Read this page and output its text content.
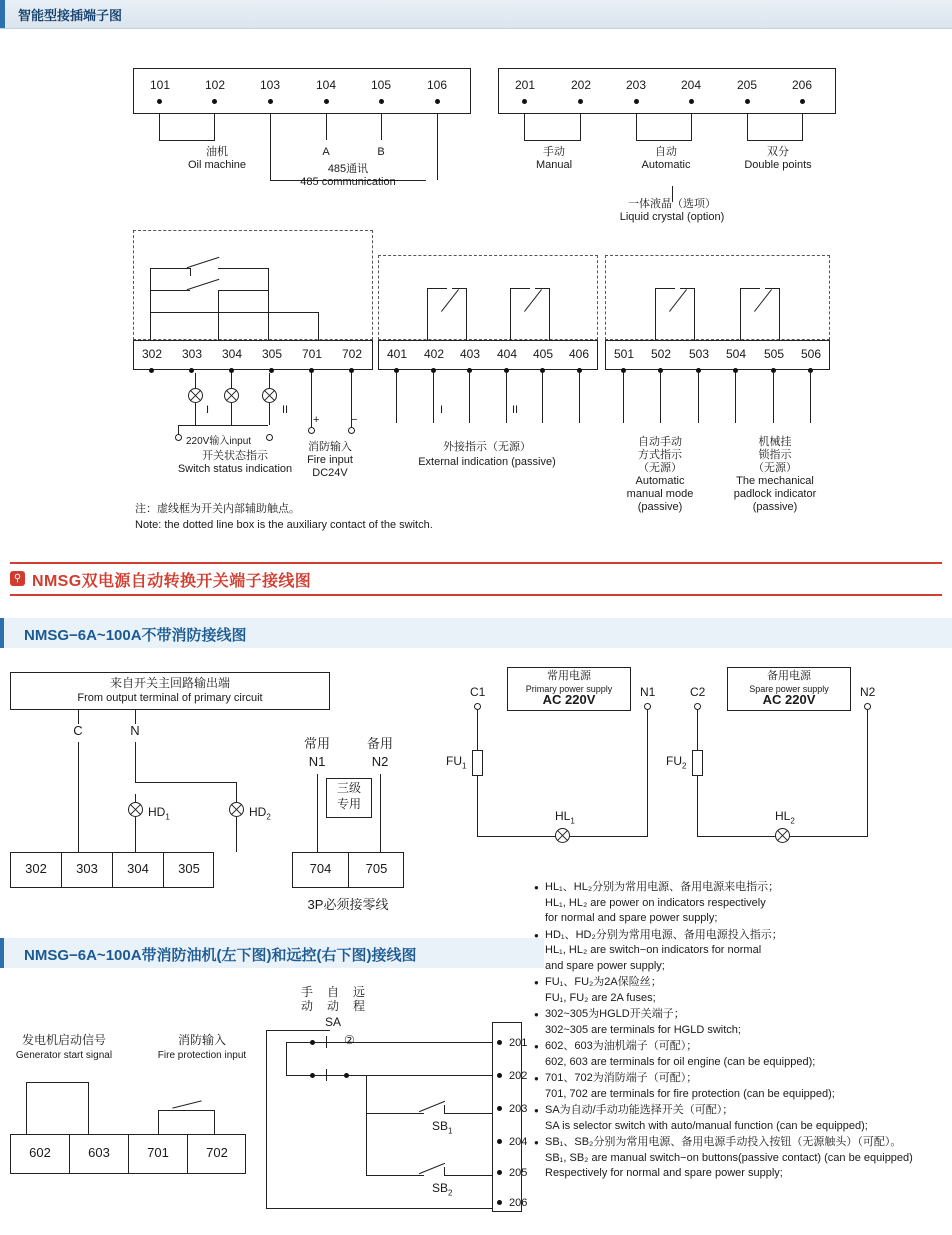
智能型接插端子图
101	102	103	104	105	106	201	202	203	204	205	206
油机
Oil machine
A	B
485通讯
485 communication
手动
Manual
自动
Automatic
双分
Double points
一体液晶（选项）
Liquid crystal (option)
302	303	304	305	701	702	401	402	403	404	405	406	501	502	503	504	505	506
I	II
220V输入input
开关状态指示
Switch status indication
+	−
消防输入
Fire input
DC24V
I	II
外接指示（无源）
External indication (passive)
自动手动
方式指示
（无源）
Automatic
manual mode
(passive)
机械挂
锁指示
（无源）
The mechanical
padlock indicator
(passive)
注：虚线框为开关内部辅助触点。
Note: the dotted line box is the auxiliary contact of the switch.
⚲ NMSG双电源自动转换开关端子接线图
NMSG−6A~100A不带消防接线图
来自开关主回路输出端
From output terminal of primary circuit
C	N
$HD_1$	$HD_2$
302	303	304	305
常用	备用
N1	N2
三级
专用
704	705
3P必须接零线
常用电源
Primary power supply
AC 220V
备用电源
Spare power supply
AC 220V
C1	N1	C2	N2
$FU_1$
$HL_1$
$FU_2$
$HL_2$

● HL₁、HL₂分别为常用电源、备用电源来电指示；
HL₁, HL₂ are power on indicators respectively
for normal and spare power supply;

● HD₁、HD₂分别为常用电源、备用电源投入指示；
HL₁, HL₂ are switch−on indicators for normal
and spare power supply;

● FU₁、FU₂为2A保险丝；
FU₁, FU₂ are 2A fuses;

● 302~305为HGLD开关端子；
302~305 are terminals for HGLD switch;

● 602、603为油机端子（可配）；
602, 603 are terminals for oil engine (can be equipped);

● 701、702为消防端子（可配）；
701, 702 are terminals for fire protection (can be equipped);

● SA为自动/手动功能选择开关（可配）；
SA is selector switch with auto/manual function (can be equipped);

● SB₁、SB₂分别为常用电源、备用电源手动投入按钮（无源触头）（可配）。
SB₁, SB₂ are manual switch−on buttons(passive contact) (can be equipped)
Respectively for normal and spare power supply;

NMSG−6A~100A带消防油机(左下图)和远控(右下图)接线图
发电机启动信号
Generator start signal
消防输入
Fire protection input
602	603	701	702
手
动
自
动
远
程
SA
201
202
203
204
205
206
②
$SB_1$
$SB_2$
